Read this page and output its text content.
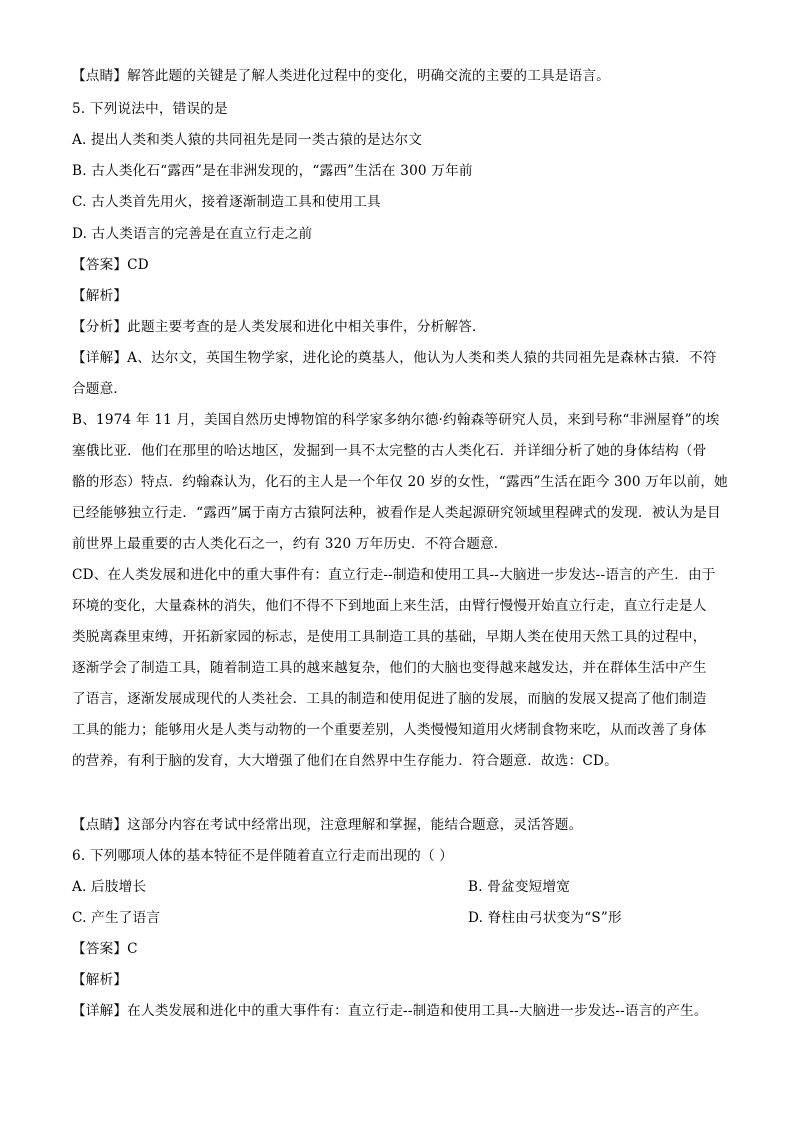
【点睛】解答此题的关键是了解人类进化过程中的变化，明确交流的主要的工具是语言。
5. 下列说法中，错误的是
A. 提出人类和类人猿的共同祖先是同一类古猿的是达尔文
B. 古人类化石“露西”是在非洲发现的，“露西”生活在 300 万年前
C. 古人类首先用火，接着逐渐制造工具和使用工具
D. 古人类语言的完善是在直立行走之前
【答案】CD
【解析】
【分析】此题主要考查的是人类发展和进化中相关事件，分析解答．
【详解】A、达尔文，英国生物学家，进化论的奠基人，他认为人类和类人猿的共同祖先是森林古猿．不符
合题意．
B、1974 年 11 月，美国自然历史博物馆的科学家多纳尔德·约翰森等研究人员，来到号称“非洲屋脊”的埃
塞俄比亚．他们在那里的哈达地区，发掘到一具不太完整的古人类化石．并详细分析了她的身体结构（骨
骼的形态）特点．约翰森认为，化石的主人是一个年仅 20 岁的女性，“露西”生活在距今 300 万年以前，她
已经能够独立行走．“露西”属于南方古猿阿法种，被看作是人类起源研究领域里程碑式的发现．被认为是目
前世界上最重要的古人类化石之一，约有 320 万年历史．不符合题意．
CD、在人类发展和进化中的重大事件有：直立行走--制造和使用工具--大脑进一步发达--语言的产生．由于
环境的变化，大量森林的消失，他们不得不下到地面上来生活，由臂行慢慢开始直立行走，直立行走是人
类脱离森里束缚，开拓新家园的标志，是使用工具制造工具的基础，早期人类在使用天然工具的过程中，
逐渐学会了制造工具，随着制造工具的越来越复杂，他们的大脑也变得越来越发达，并在群体生活中产生
了语言，逐渐发展成现代的人类社会．工具的制造和使用促进了脑的发展，而脑的发展又提高了他们制造
工具的能力；能够用火是人类与动物的一个重要差别，人类慢慢知道用火烤制食物来吃，从而改善了身体
的营养，有利于脑的发育，大大增强了他们在自然界中生存能力．符合题意．故选：CD。
【点睛】这部分内容在考试中经常出现，注意理解和掌握，能结合题意，灵活答题。
6. 下列哪项人体的基本特征不是伴随着直立行走而出现的（ ）
A. 后肢增长	B. 骨盆变短增宽
C. 产生了语言	D. 脊柱由弓状变为“S”形
【答案】C
【解析】
【详解】在人类发展和进化中的重大事件有：直立行走--制造和使用工具--大脑进一步发达--语言的产生。
